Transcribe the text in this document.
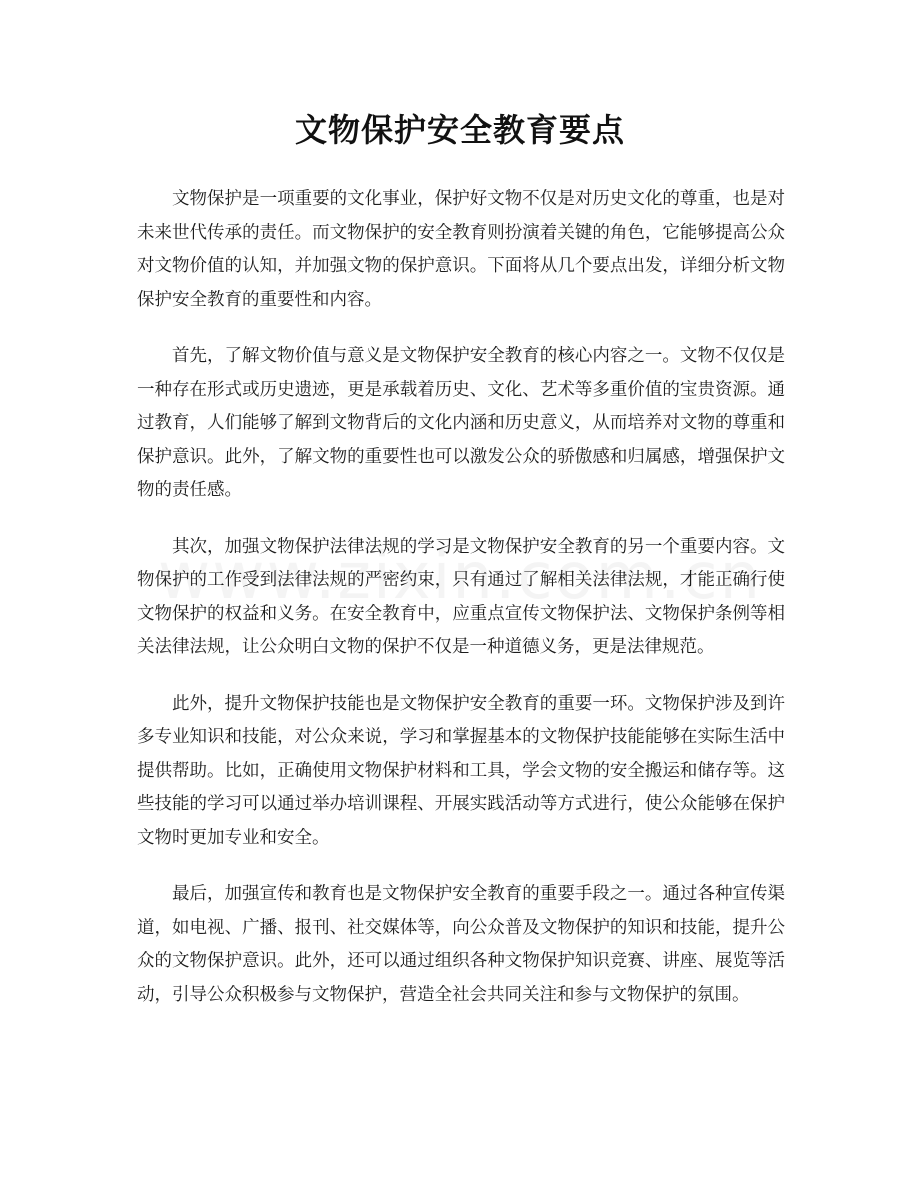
文物保护安全教育要点

文物保护是一项重要的文化事业，保护好文物不仅是对历史文化的尊重，也是对未来世代传承的责任。而文物保护的安全教育则扮演着关键的角色，它能够提高公众对文物价值的认知，并加强文物的保护意识。下面将从几个要点出发，详细分析文物保护安全教育的重要性和内容。

首先，了解文物价值与意义是文物保护安全教育的核心内容之一。文物不仅仅是一种存在形式或历史遗迹，更是承载着历史、文化、艺术等多重价值的宝贵资源。通过教育，人们能够了解到文物背后的文化内涵和历史意义，从而培养对文物的尊重和保护意识。此外，了解文物的重要性也可以激发公众的骄傲感和归属感，增强保护文物的责任感。

其次，加强文物保护法律法规的学习是文物保护安全教育的另一个重要内容。文物保护的工作受到法律法规的严密约束，只有通过了解相关法律法规，才能正确行使文物保护的权益和义务。在安全教育中，应重点宣传文物保护法、文物保护条例等相关法律法规，让公众明白文物的保护不仅是一种道德义务，更是法律规范。

此外，提升文物保护技能也是文物保护安全教育的重要一环。文物保护涉及到许多专业知识和技能，对公众来说，学习和掌握基本的文物保护技能能够在实际生活中提供帮助。比如，正确使用文物保护材料和工具，学会文物的安全搬运和储存等。这些技能的学习可以通过举办培训课程、开展实践活动等方式进行，使公众能够在保护文物时更加专业和安全。

最后，加强宣传和教育也是文物保护安全教育的重要手段之一。通过各种宣传渠道，如电视、广播、报刊、社交媒体等，向公众普及文物保护的知识和技能，提升公众的文物保护意识。此外，还可以通过组织各种文物保护知识竞赛、讲座、展览等活动，引导公众积极参与文物保护，营造全社会共同关注和参与文物保护的氛围。
